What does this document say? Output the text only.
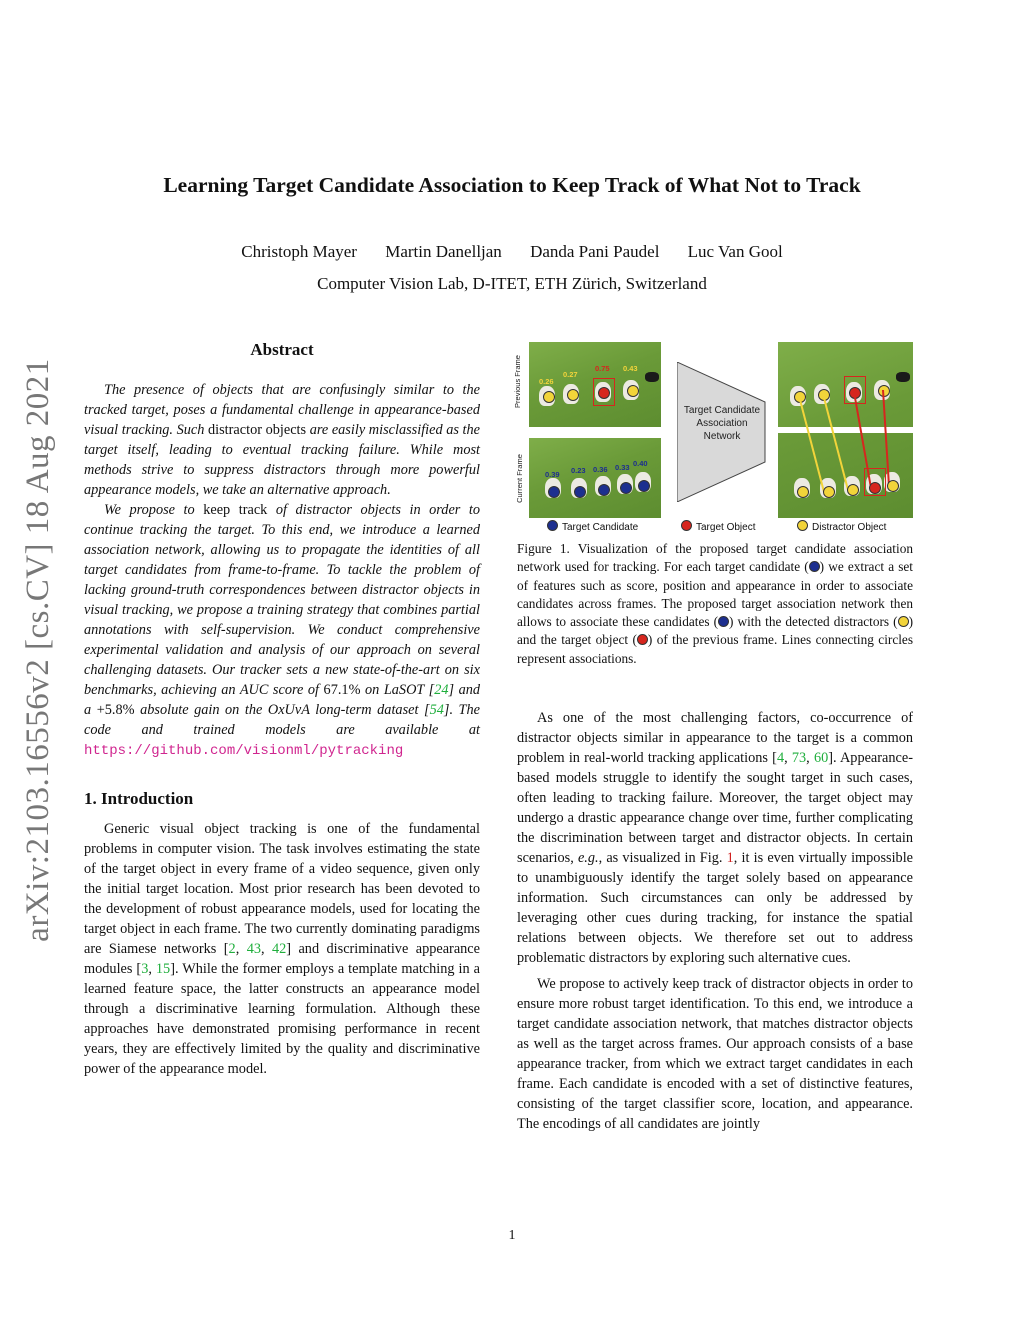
arXiv:2103.16556v2 [cs.CV] 18 Aug 2021
Learning Target Candidate Association to Keep Track of What Not to Track
Christoph Mayer Martin Danelljan Danda Pani Paudel Luc Van Gool
Computer Vision Lab, D-ITET, ETH Zürich, Switzerland

Abstract

The presence of objects that are confusingly similar to the tracked target, poses a fundamental challenge in appearance-based visual tracking. Such distractor objects are easily misclassified as the target itself, leading to eventual tracking failure. While most methods strive to suppress distractors through more powerful appearance models, we take an alternative approach.

We propose to keep track of distractor objects in order to continue tracking the target. To this end, we introduce a learned association network, allowing us to propagate the identities of all target candidates from frame-to-frame. To tackle the problem of lacking ground-truth correspondences between distractor objects in visual tracking, we propose a training strategy that combines partial annotations with self-supervision. We conduct comprehensive experimental validation and analysis of our approach on several challenging datasets. Our tracker sets a new state-of-the-art on six benchmarks, achieving an AUC score of 67.1% on LaSOT [24] and a +5.8% absolute gain on the OxUvA long-term dataset [54]. The code and trained models are available at https://github.com/visionml/pytracking

1. Introduction

Generic visual object tracking is one of the fundamental problems in computer vision. The task involves estimating the state of the target object in every frame of a video sequence, given only the initial target location. Most prior research has been devoted to the development of robust appearance models, used for locating the target object in each frame. The two currently dominating paradigms are Siamese networks [2, 43, 42] and discriminative appearance modules [3, 15]. While the former employs a template matching in a learned feature space, the latter constructs an appearance model through a discriminative learning formulation. Although these approaches have demonstrated promising performance in recent years, they are effectively limited by the quality and discriminative power of the appearance model.

Previous Frame
Current Frame
0.26
0.27
0.75 0.43
0.39 0.23 0.36 0.33 0.40
Target Candidate Association Network
Target Candidate	Target Object	Distractor Object
Figure 1. Visualization of the proposed target candidate association network used for tracking. For each target candidate ( ) we extract a set of features such as score, position and appearance in order to associate candidates across frames. The proposed target association network then allows to associate these candidates ( ) with the detected distractors ( ) and the target object ( ) of the previous frame. Lines connecting circles represent associations.

As one of the most challenging factors, co-occurrence of distractor objects similar in appearance to the target is a common problem in real-world tracking applications [4, 73, 60]. Appearance-based models struggle to identify the sought target in such cases, often leading to tracking failure. Moreover, the target object may undergo a drastic appearance change over time, further complicating the discrimination between target and distractor objects. In certain scenarios, e.g., as visualized in Fig. 1, it is even virtually impossible to unambiguously identify the target solely based on appearance information. Such circumstances can only be addressed by leveraging other cues during tracking, for instance the spatial relations between objects. We therefore set out to address problematic distractors by exploring such alternative cues.

We propose to actively keep track of distractor objects in order to ensure more robust target identification. To this end, we introduce a target candidate association network, that matches distractor objects as well as the target across frames. Our approach consists of a base appearance tracker, from which we extract target candidates in each frame. Each candidate is encoded with a set of distinctive features, consisting of the target classifier score, location, and appearance. The encodings of all candidates are jointly

1
